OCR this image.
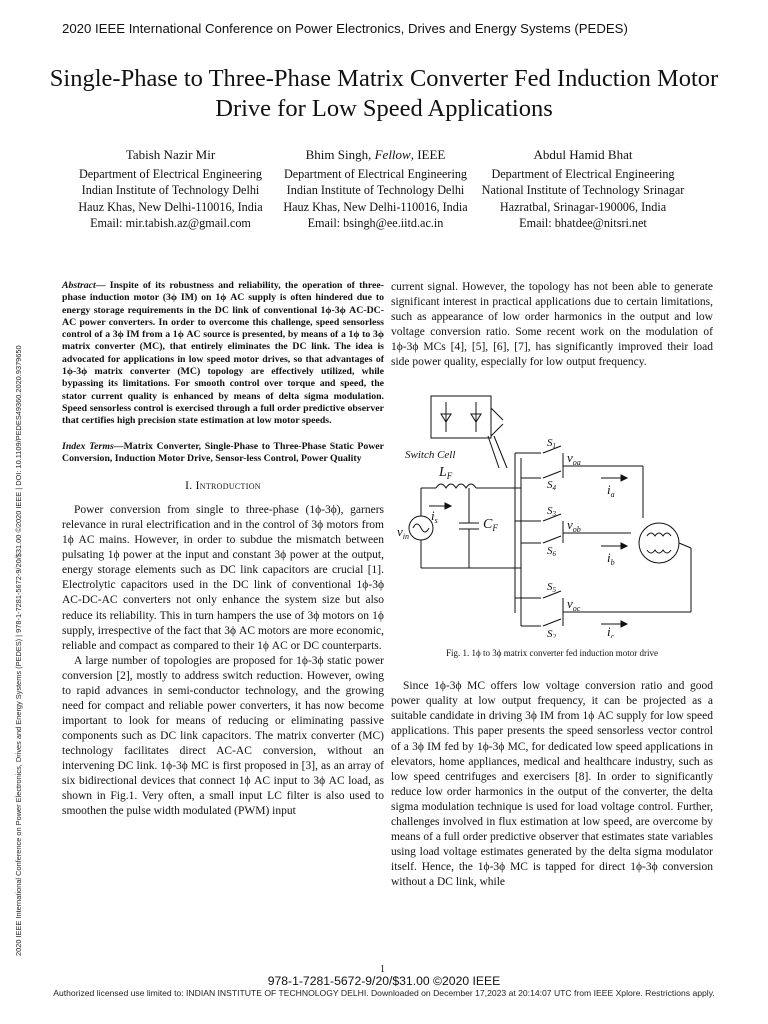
2020 IEEE International Conference on Power Electronics, Drives and Energy Systems (PEDES)
Single-Phase to Three-Phase Matrix Converter Fed Induction Motor Drive for Low Speed Applications
Tabish Nazir Mir
Department of Electrical Engineering
Indian Institute of Technology Delhi
Hauz Khas, New Delhi-110016, India
Email: mir.tabish.az@gmail.com
Bhim Singh, Fellow, IEEE
Department of Electrical Engineering
Indian Institute of Technology Delhi
Hauz Khas, New Delhi-110016, India
Email: bsingh@ee.iitd.ac.in
Abdul Hamid Bhat
Department of Electrical Engineering
National Institute of Technology Srinagar
Hazratbal, Srinagar-190006, India
Email: bhatdee@nitsri.net
2020 IEEE International Conference on Power Electronics, Drives and Energy Systems (PEDES) | 978-1-7281-5672-9/20/$31.00 ©2020 IEEE | DOI: 10.1109/PEDES49360.2020.9379650

Abstract— Inspite of its robustness and reliability, the operation of three-phase induction motor (3ϕ IM) on 1ϕ AC supply is often hindered due to energy storage requirements in the DC link of conventional 1ϕ-3ϕ AC-DC-AC power converters. In order to overcome this challenge, speed sensorless control of a 3ϕ IM from a 1ϕ AC source is presented, by means of a 1ϕ to 3ϕ matrix converter (MC), that entirely eliminates the DC link. The idea is advocated for applications in low speed motor drives, so that advantages of 1ϕ-3ϕ matrix converter (MC) topology are effectively utilized, while bypassing its limitations. For smooth control over torque and speed, the stator current quality is enhanced by means of delta sigma modulation. Speed sensorless control is exercised through a full order predictive observer that certifies high precision state estimation at low motor speeds.

Index Terms—Matrix Converter, Single-Phase to Three-Phase Static Power Conversion, Induction Motor Drive, Sensor-less Control, Power Quality

I. Introduction

Power conversion from single to three-phase (1ϕ-3ϕ), garners relevance in rural electrification and in the control of 3ϕ motors from 1ϕ AC mains. However, in order to subdue the mismatch between pulsating 1ϕ power at the input and constant 3ϕ power at the output, energy storage elements such as DC link capacitors are crucial [1]. Electrolytic capacitors used in the DC link of conventional 1ϕ-3ϕ AC-DC-AC converters not only enhance the system size but also reduce its reliability. This in turn hampers the use of 3ϕ motors on 1ϕ supply, irrespective of the fact that 3ϕ AC motors are more economic, reliable and compact as compared to their 1ϕ AC or DC counterparts.

A large number of topologies are proposed for 1ϕ-3ϕ static power conversion [2], mostly to address switch reduction. However, owing to rapid advances in semi-conductor technology, and the growing need for compact and reliable power converters, it has now become important to look for means of reducing or eliminating passive components such as DC link capacitors. The matrix converter (MC) technology facilitates direct AC-AC conversion, without an intervening DC link. 1ϕ-3ϕ MC is first proposed in [3], as an array of six bidirectional devices that connect 1ϕ AC input to 3ϕ AC load, as shown in Fig.1. Very often, a small input LC filter is also used to smoothen the pulse width modulated (PWM) input

current signal. However, the topology has not been able to generate significant interest in practical applications due to certain limitations, such as appearance of low order harmonics in the output and low voltage conversion ratio. Some recent work on the modulation of 1ϕ-3ϕ MCs [4], [5], [6], [7], has significantly improved their load side power quality, especially for low output frequency.

Switch Cell
$L_F$
$C_F$
$i_s$
$v_{in}$
S1
S4
S3
S6
S5
S2
$v_{oa}$
$v_{ob}$
$v_{oc}$
$i_a$
$i_b$
$i_c$
Fig. 1. 1ϕ to 3ϕ matrix converter fed induction motor drive

Since 1ϕ-3ϕ MC offers low voltage conversion ratio and good power quality at low output frequency, it can be projected as a suitable candidate in driving 3ϕ IM from 1ϕ AC supply for low speed applications. This paper presents the speed sensorless vector control of a 3ϕ IM fed by 1ϕ-3ϕ MC, for dedicated low speed applications in elevators, home appliances, medical and healthcare industry, such as low speed centrifuges and exercisers [8]. In order to significantly reduce low order harmonics in the output of the converter, the delta sigma modulation technique is used for load voltage control. Further, challenges involved in flux estimation at low speed, are overcome by means of a full order predictive observer that estimates state variables using load voltage estimates generated by the delta sigma modulator itself. Hence, the 1ϕ-3ϕ MC is tapped for direct 1ϕ-3ϕ conversion without a DC link, while

1
978-1-7281-5672-9/20/$31.00 ©2020 IEEE
Authorized licensed use limited to: INDIAN INSTITUTE OF TECHNOLOGY DELHI. Downloaded on December 17,2023 at 20:14:07 UTC from IEEE Xplore. Restrictions apply.
